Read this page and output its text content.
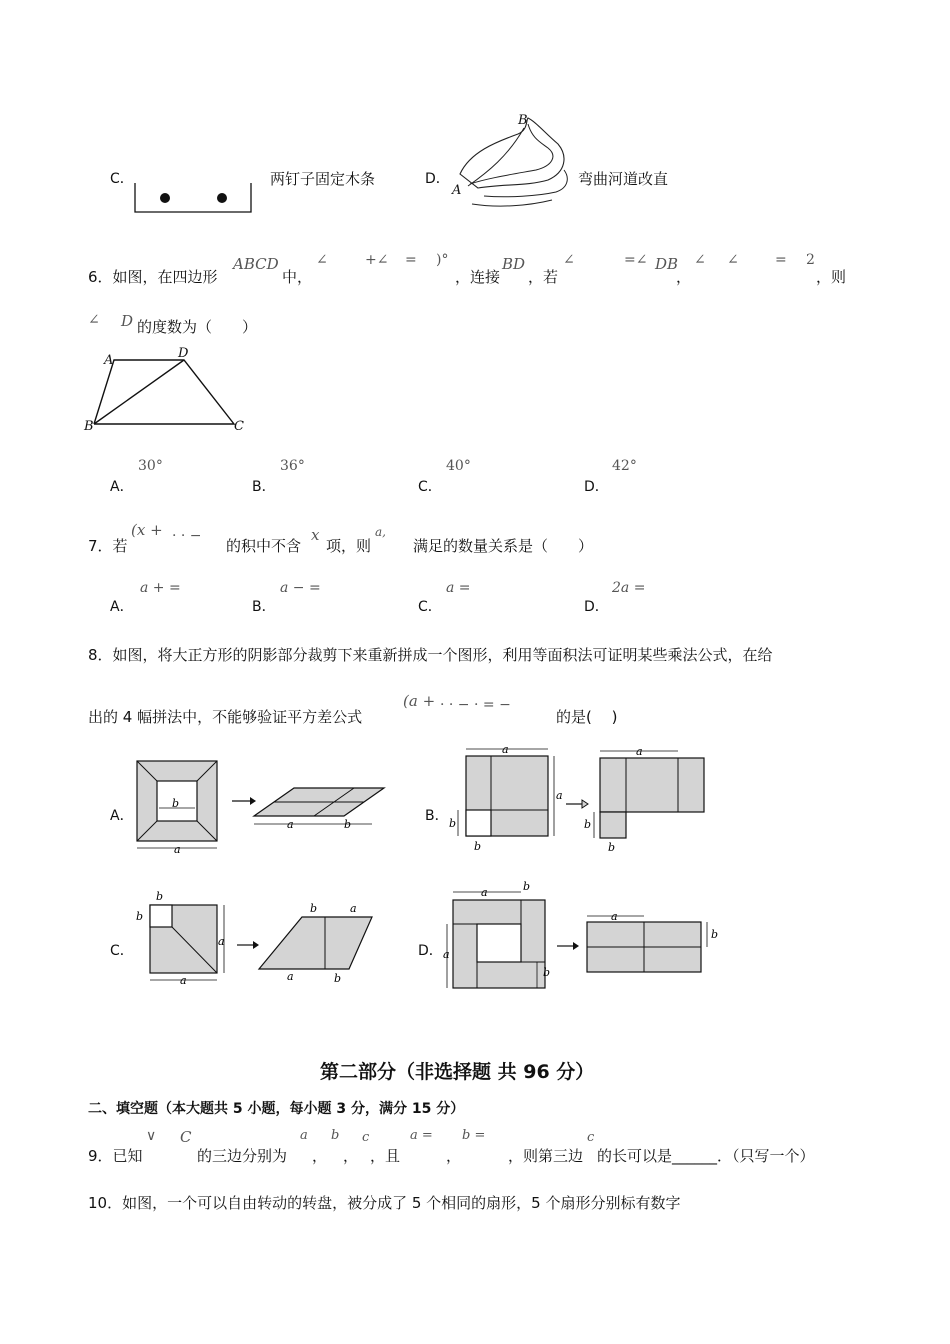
C．	两钉子固定木条	D．
B
A
弯曲河道改直
6．如图，在四边形
ABCD
中，
∠	+∠ = )°
，连接
BD
，若
∠	=∠ DB
，
∠ ∠	= 2
，则
∠ D 的度数为（　　）
A	D
B	C
A．
30°
B．
36°
C．
40°
D．
42°
7．若
(x + · · −
的积中不含
x
项，则
a,
满足的数量关系是（　　）
A．
a + =
B．
a − =
C．
a =
D．
2a =
8．如图，将大正方形的阴影部分裁剪下来重新拼成一个图形，利用等面积法可证明某些乘法公式，在给
出的 4 幅拼法中，不能够验证平方差公式
(a + · · − · = −
的是(　 )
A．
b
a
a	b
B．
a
a
b
b
a
b
b
C．
b
b
a
a
b	a
a	b
D．
a	b
a
b
a
b
第二部分（非选择题 共 96 分）
二、填空题（本大题共 5 小题，每小题 3 分，满分 15 分）
9．已知
∨ C
的三边分别为
a
，
b
，
c
，且
a =
，
b =
，则第三边
c
的长可以是______．（只写一个）
10．如图，一个可以自由转动的转盘，被分成了 5 个相同的扇形，5 个扇形分别标有数字
